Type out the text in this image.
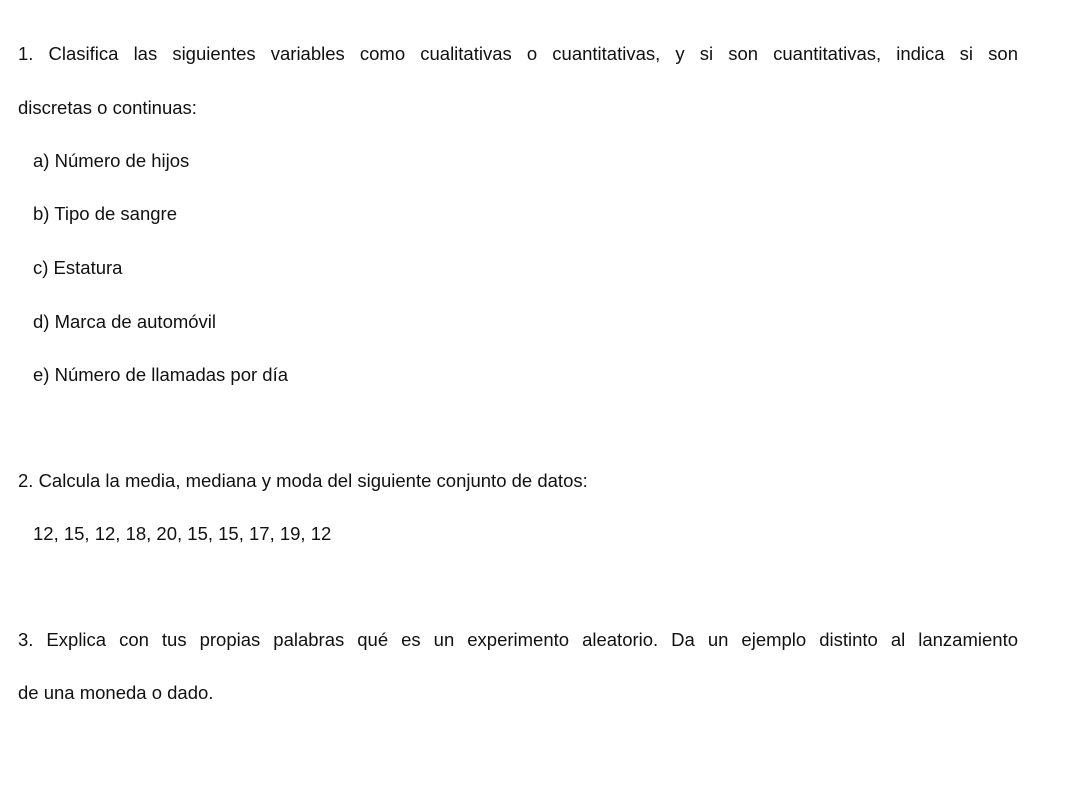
1. Clasifica las siguientes variables como cualitativas o cuantitativas, y si son cuantitativas, indica si son
discretas o continuas:
a) Número de hijos
b) Tipo de sangre
c) Estatura
d) Marca de automóvil
e) Número de llamadas por día
2. Calcula la media, mediana y moda del siguiente conjunto de datos:
12, 15, 12, 18, 20, 15, 15, 17, 19, 12
3. Explica con tus propias palabras qué es un experimento aleatorio. Da un ejemplo distinto al lanzamiento
de una moneda o dado.
